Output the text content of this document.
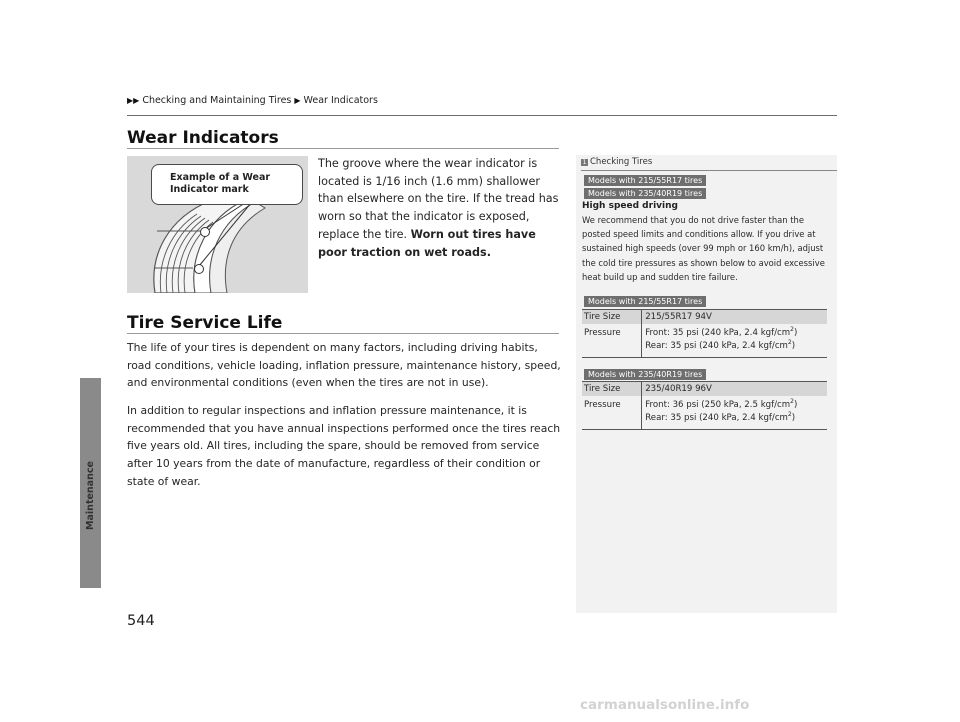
Maintenance
▶▶ Checking and Maintaining Tires ▶ Wear Indicators
Wear Indicators
Example of a Wear Indicator mark
The groove where the wear indicator is located is 1/16 inch (1.6 mm) shallower than elsewhere on the tire. If the tread has worn so that the indicator is exposed, replace the tire. Worn out tires have poor traction on wet roads.
Tire Service Life
The life of your tires is dependent on many factors, including driving habits, road conditions, vehicle loading, inflation pressure, maintenance history, speed, and environmental conditions (even when the tires are not in use).
In addition to regular inspections and inflation pressure maintenance, it is recommended that you have annual inspections performed once the tires reach five years old. All tires, including the spare, should be removed from service after 10 years from the date of manufacture, regardless of their condition or state of wear.
1 Checking Tires
Models with 215/55R17 tires
Models with 235/40R19 tires
High speed driving
We recommend that you do not drive faster than the posted speed limits and conditions allow. If you drive at sustained high speeds (over 99 mph or 160 km/h), adjust the cold tire pressures as shown below to avoid excessive heat build up and sudden tire failure.
Models with 215/55R17 tires
Tire Size	215/55R17 94V
Pressure	Front: 35 psi (240 kPa, 2.4 kgf/$cm^2$)
Rear: 35 psi (240 kPa, 2.4 kgf/$cm^2$)
Models with 235/40R19 tires
Tire Size	235/40R19 96V
Pressure	Front: 36 psi (250 kPa, 2.5 kgf/$cm^2$)
Rear: 35 psi (240 kPa, 2.4 kgf/$cm^2$)
544
carmanualsonline.info
